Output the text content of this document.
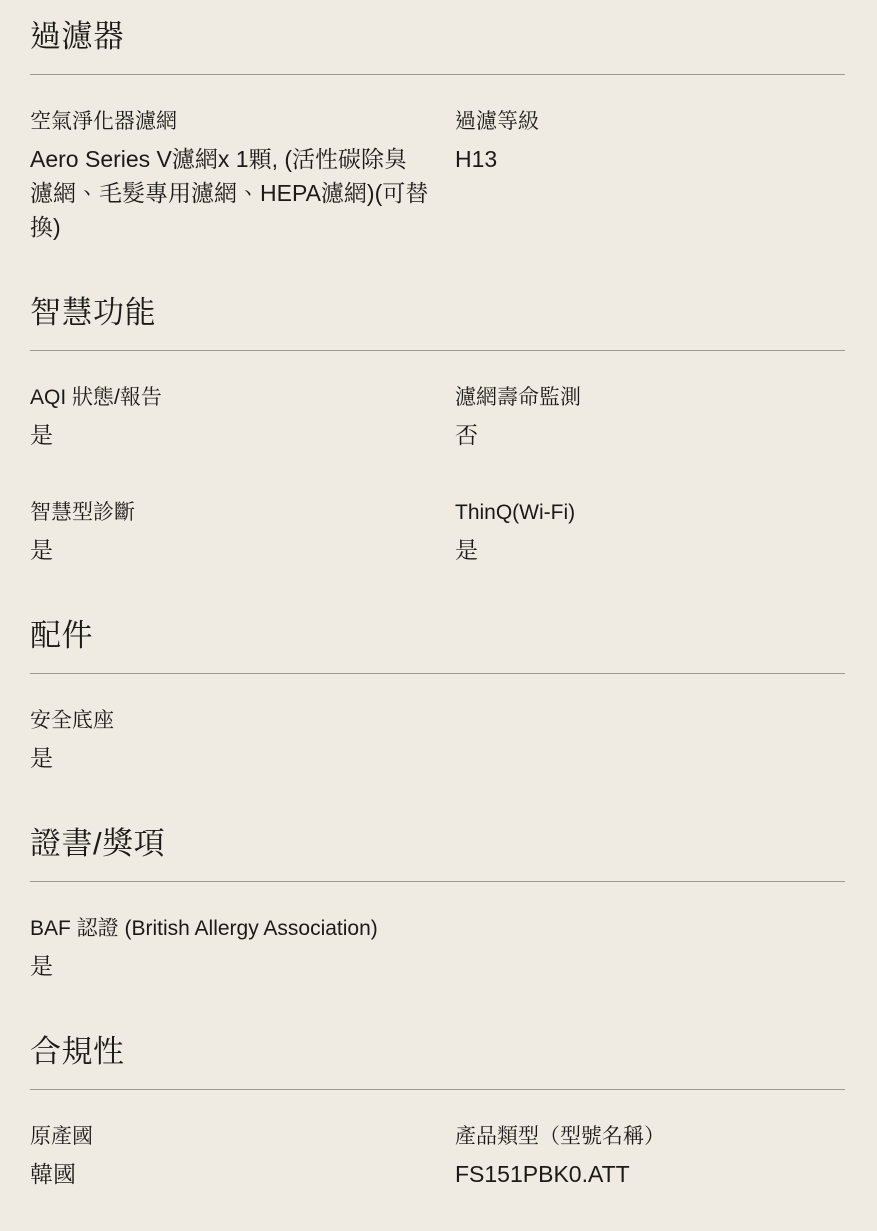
過濾器
空氣淨化器濾網
Aero Series V濾網x 1顆, (活性碳除臭濾網、毛髮專用濾網、HEPA濾網)(可替換)
過濾等級
H13
智慧功能
AQI 狀態/報告
是
濾網壽命監測
否
智慧型診斷
是
ThinQ(Wi-Fi)
是
配件
安全底座
是
證書/獎項
BAF 認證 (British Allergy Association)
是
合規性
原產國
韓國
產品類型（型號名稱）
FS151PBK0.ATT
